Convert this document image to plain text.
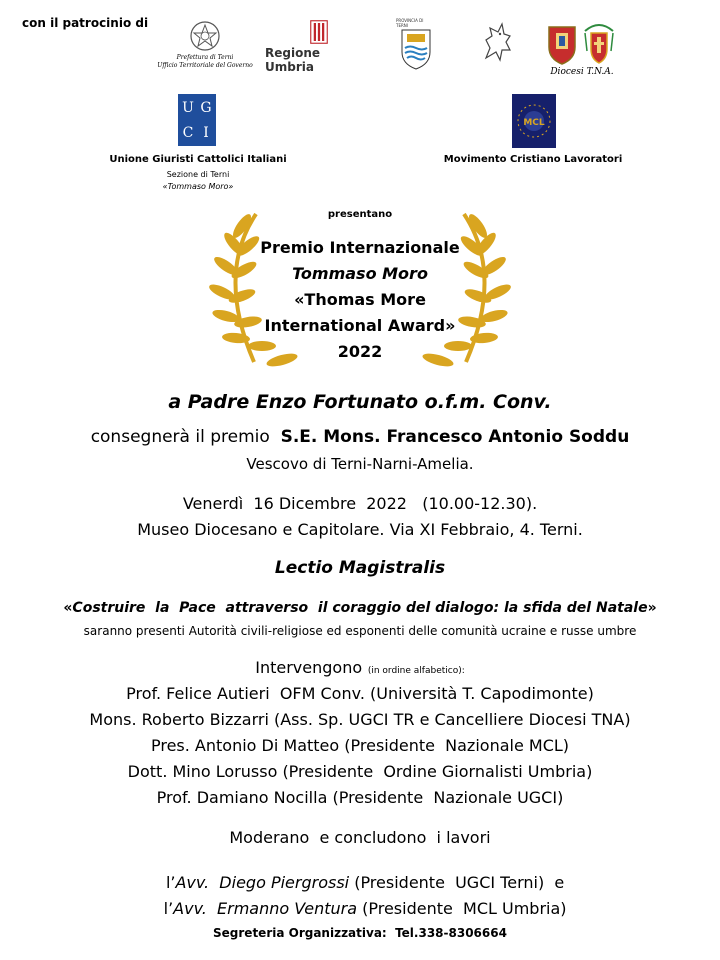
con il patrocinio di
Prefettura di Terni
Ufficio Territoriale del Governo
Regione Umbria
PROVINCIA DI TERNI
Diocesi T.N.A.
U G
C I
Unione Giuristi Cattolici Italiani
Sezione di Terni
«Tommaso Moro»
MCL
Movimento Cristiano Lavoratori
presentano
Premio Internazionale
Tommaso Moro
«Thomas More
International Award»
2022
a Padre Enzo Fortunato o.f.m. Conv.
consegnerà il premio  S.E. Mons. Francesco Antonio Soddu
Vescovo di Terni-Narni-Amelia.
Venerdì  16 Dicembre  2022   (10.00-12.30).
Museo Diocesano e Capitolare. Via XI Febbraio, 4. Terni.
Lectio Magistralis
«Costruire  la  Pace  attraverso  il coraggio del dialogo: la sfida del Natale»
saranno presenti Autorità civili-religiose ed esponenti delle comunità ucraine e russe umbre
Intervengono  (in ordine alfabetico):
Prof. Felice Autieri  OFM Conv. (Università T. Capodimonte)
Mons. Roberto Bizzarri (Ass. Sp. UGCI TR e Cancelliere Diocesi TNA)
Pres. Antonio Di Matteo (Presidente  Nazionale MCL)
Dott. Mino Lorusso (Presidente  Ordine Giornalisti Umbria)
Prof. Damiano Nocilla (Presidente  Nazionale UGCI)
Moderano  e concludono  i lavori

l’Avv.  Diego Piergrossi (Presidente  UGCI Terni)  e

l’Avv.  Ermanno Ventura (Presidente  MCL Umbria)

Segreteria Organizzativa:  Tel.338-8306664
